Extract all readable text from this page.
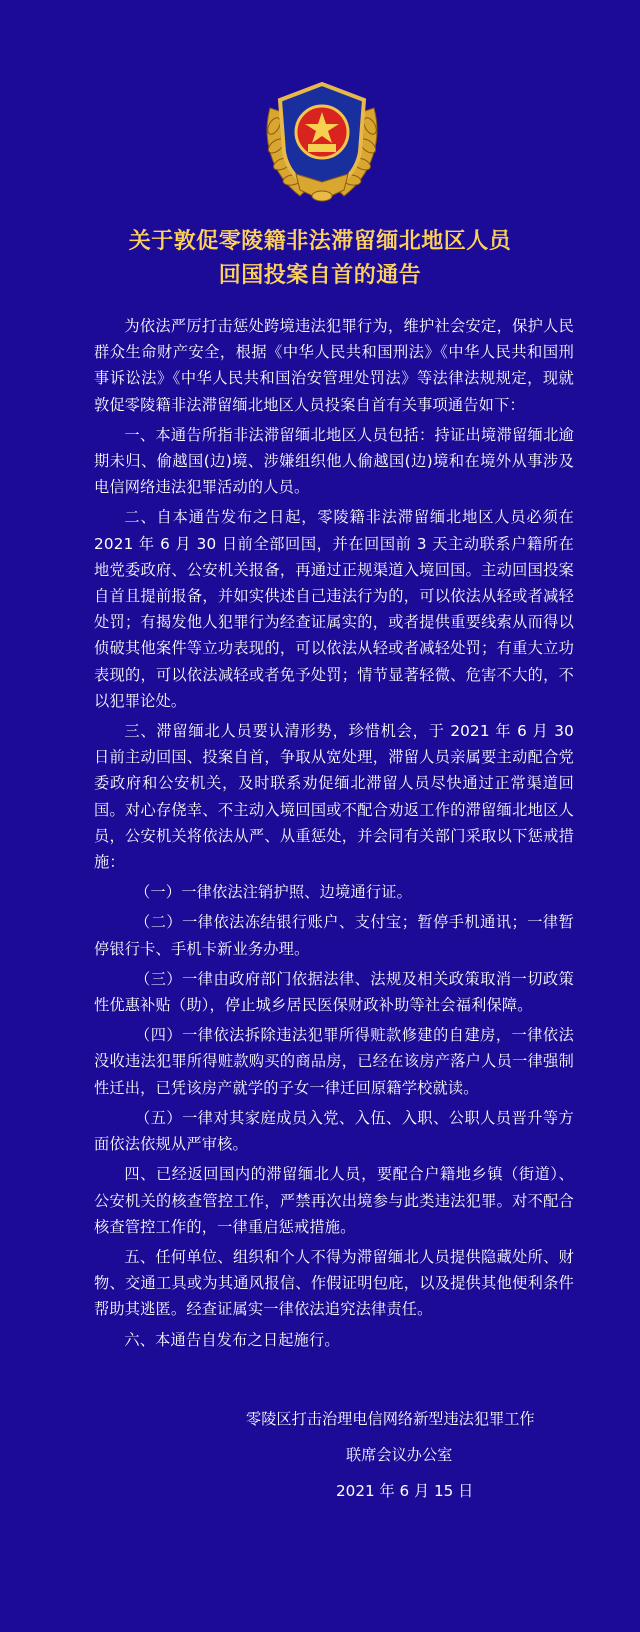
关于敦促零陵籍非法滞留缅北地区人员
回国投案自首的通告

为依法严厉打击惩处跨境违法犯罪行为，维护社会安定，保护人民群众生命财产安全，根据《中华人民共和国刑法》《中华人民共和国刑事诉讼法》《中华人民共和国治安管理处罚法》等法律法规规定，现就敦促零陵籍非法滞留缅北地区人员投案自首有关事项通告如下：

一、本通告所指非法滞留缅北地区人员包括：持证出境滞留缅北逾期未归、偷越国(边)境、涉嫌组织他人偷越国(边)境和在境外从事涉及电信网络违法犯罪活动的人员。

二、自本通告发布之日起，零陵籍非法滞留缅北地区人员必须在 2021 年 6 月 30 日前全部回国，并在回国前 3 天主动联系户籍所在地党委政府、公安机关报备，再通过正规渠道入境回国。主动回国投案自首且提前报备，并如实供述自己违法行为的，可以依法从轻或者减轻处罚；有揭发他人犯罪行为经查证属实的，或者提供重要线索从而得以侦破其他案件等立功表现的，可以依法从轻或者减轻处罚；有重大立功表现的，可以依法减轻或者免予处罚；情节显著轻微、危害不大的，不以犯罪论处。

三、滞留缅北人员要认清形势，珍惜机会，于 2021 年 6 月 30 日前主动回国、投案自首，争取从宽处理，滞留人员亲属要主动配合党委政府和公安机关，及时联系劝促缅北滞留人员尽快通过正常渠道回国。对心存侥幸、不主动入境回国或不配合劝返工作的滞留缅北地区人员，公安机关将依法从严、从重惩处，并会同有关部门采取以下惩戒措施：

（一）一律依法注销护照、边境通行证。

（二）一律依法冻结银行账户、支付宝；暂停手机通讯；一律暂停银行卡、手机卡新业务办理。

（三）一律由政府部门依据法律、法规及相关政策取消一切政策性优惠补贴（助），停止城乡居民医保财政补助等社会福利保障。

（四）一律依法拆除违法犯罪所得赃款修建的自建房，一律依法没收违法犯罪所得赃款购买的商品房，已经在该房产落户人员一律强制性迁出，已凭该房产就学的子女一律迁回原籍学校就读。

（五）一律对其家庭成员入党、入伍、入职、公职人员晋升等方面依法依规从严审核。

四、已经返回国内的滞留缅北人员，要配合户籍地乡镇（街道）、公安机关的核查管控工作，严禁再次出境参与此类违法犯罪。对不配合核查管控工作的，一律重启惩戒措施。

五、任何单位、组织和个人不得为滞留缅北人员提供隐藏处所、财物、交通工具或为其通风报信、作假证明包庇，以及提供其他便利条件帮助其逃匿。经查证属实一律依法追究法律责任。

六、本通告自发布之日起施行。

零陵区打击治理电信网络新型违法犯罪工作
联席会议办公室
2021 年 6 月 15 日
